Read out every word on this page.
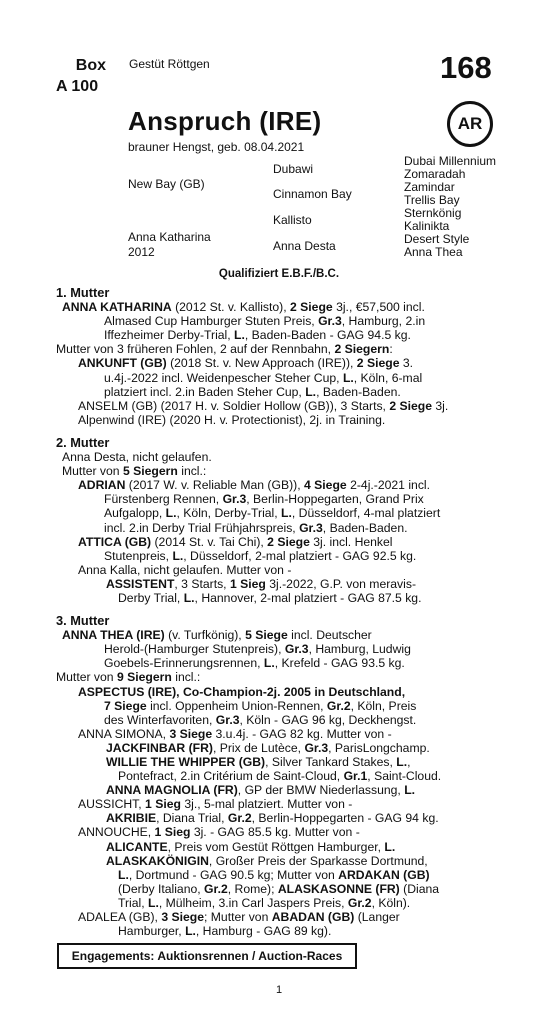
Box
A 100
Gestüt Röttgen	168
AR
Anspruch (IRE)
brauner Hengst, geb. 08.04.2021
New Bay (GB)
Anna Katharina
2012
Dubawi
Cinnamon Bay
Kallisto
Anna Desta
Dubai Millennium
Zomaradah
Zamindar
Trellis Bay
Sternkönig
Kalinikta
Desert Style
Anna Thea
Qualifiziert E.B.F./B.C.
1. Mutter
ANNA KATHARINA (2012 St. v. Kallisto), 2 Siege 3j., €57,500 incl.
Almased Cup Hamburger Stuten Preis, Gr.3, Hamburg, 2.in
Iffezheimer Derby-Trial, L., Baden-Baden - GAG 94.5 kg.
Mutter von 3 früheren Fohlen, 2 auf der Rennbahn, 2 Siegern:
ANKUNFT (GB) (2018 St. v. New Approach (IRE)), 2 Siege 3.
u.4j.-2022 incl. Weidenpescher Steher Cup, L., Köln, 6-mal
platziert incl. 2.in Baden Steher Cup, L., Baden-Baden.
ANSELM (GB) (2017 H. v. Soldier Hollow (GB)), 3 Starts, 2 Siege 3j.
Alpenwind (IRE) (2020 H. v. Protectionist), 2j. in Training.
2. Mutter
Anna Desta, nicht gelaufen.
Mutter von 5 Siegern incl.:
ADRIAN (2017 W. v. Reliable Man (GB)), 4 Siege 2-4j.-2021 incl.
Fürstenberg Rennen, Gr.3, Berlin-Hoppegarten, Grand Prix
Aufgalopp, L., Köln, Derby-Trial, L., Düsseldorf, 4-mal platziert
incl. 2.in Derby Trial Frühjahrspreis, Gr.3, Baden-Baden.
ATTICA (GB) (2014 St. v. Tai Chi), 2 Siege 3j. incl. Henkel
Stutenpreis, L., Düsseldorf, 2-mal platziert - GAG 92.5 kg.
Anna Kalla, nicht gelaufen. Mutter von -
ASSISTENT, 3 Starts, 1 Sieg 3j.-2022, G.P. von meravis-
Derby Trial, L., Hannover, 2-mal platziert - GAG 87.5 kg.
3. Mutter
ANNA THEA (IRE) (v. Turfkönig), 5 Siege incl. Deutscher
Herold-(Hamburger Stutenpreis), Gr.3, Hamburg, Ludwig
Goebels-Erinnerungsrennen, L., Krefeld - GAG 93.5 kg.
Mutter von 9 Siegern incl.:
ASPECTUS (IRE), Co-Champion-2j. 2005 in Deutschland,
7 Siege incl. Oppenheim Union-Rennen, Gr.2, Köln, Preis
des Winterfavoriten, Gr.3, Köln - GAG 96 kg, Deckhengst.
ANNA SIMONA, 3 Siege 3.u.4j. - GAG 82 kg. Mutter von -
JACKFINBAR (FR), Prix de Lutèce, Gr.3, ParisLongchamp.
WILLIE THE WHIPPER (GB), Silver Tankard Stakes, L.,
Pontefract, 2.in Critérium de Saint-Cloud, Gr.1, Saint-Cloud.
ANNA MAGNOLIA (FR), GP der BMW Niederlassung, L.
AUSSICHT, 1 Sieg 3j., 5-mal platziert. Mutter von -
AKRIBIE, Diana Trial, Gr.2, Berlin-Hoppegarten - GAG 94 kg.
ANNOUCHE, 1 Sieg 3j. - GAG 85.5 kg. Mutter von -
ALICANTE, Preis vom Gestüt Röttgen Hamburger, L.
ALASKAKÖNIGIN, Großer Preis der Sparkasse Dortmund,
L., Dortmund - GAG 90.5 kg; Mutter von ARDAKAN (GB)
(Derby Italiano, Gr.2, Rome); ALASKASONNE (FR) (Diana
Trial, L., Mülheim, 3.in Carl Jaspers Preis, Gr.2, Köln).
ADALEA (GB), 3 Siege; Mutter von ABADAN (GB) (Langer
Hamburger, L., Hamburg - GAG 89 kg).
Engagements: Auktionsrennen / Auction-Races
1
